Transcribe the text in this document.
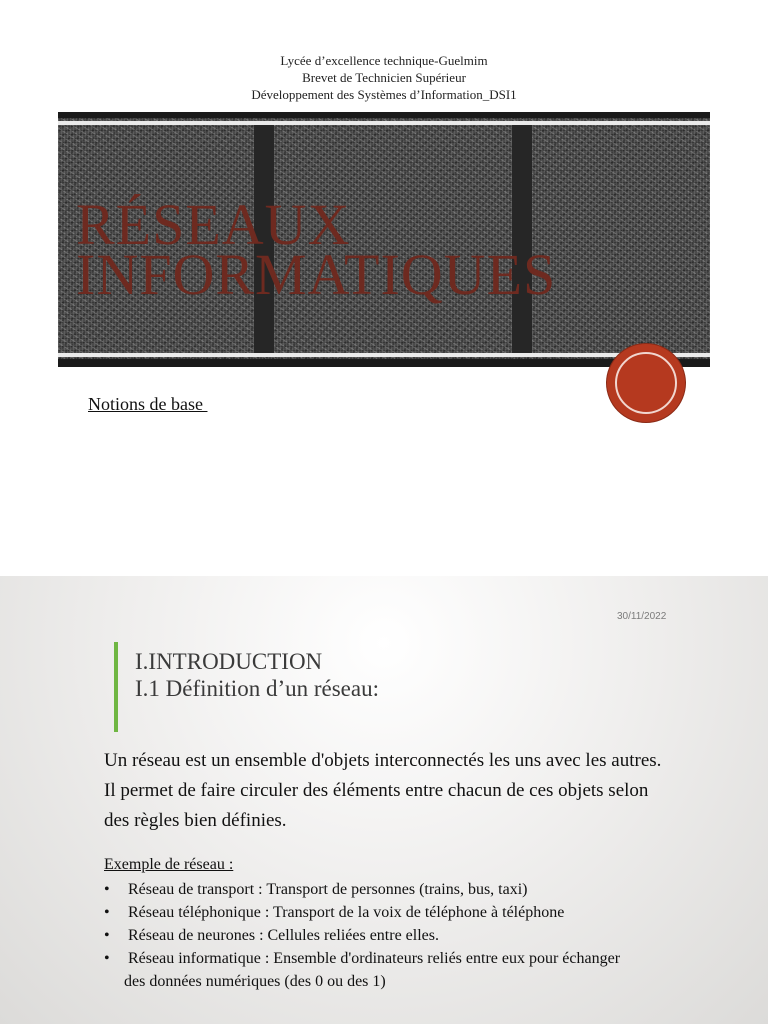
Lycée d’excellence technique-Guelmim
Brevet de Technicien Supérieur
Développement des Systèmes d’Information_DSI1
RÉSEAUX
INFORMATIQUES
Notions de base
30/11/2022
I.INTRODUCTION
I.1 Définition d’un réseau:
Un réseau est un ensemble d'objets interconnectés les uns avec les autres.
Il permet de faire circuler des éléments entre chacun de ces objets selon
des règles bien définies.
Exemple de réseau :
• Réseau de transport : Transport de personnes (trains, bus, taxi)
• Réseau téléphonique : Transport de la voix de téléphone à téléphone
• Réseau de neurones : Cellules reliées entre elles.
• Réseau informatique : Ensemble d'ordinateurs reliés entre eux pour échanger
des données numériques (des 0 ou des 1)
